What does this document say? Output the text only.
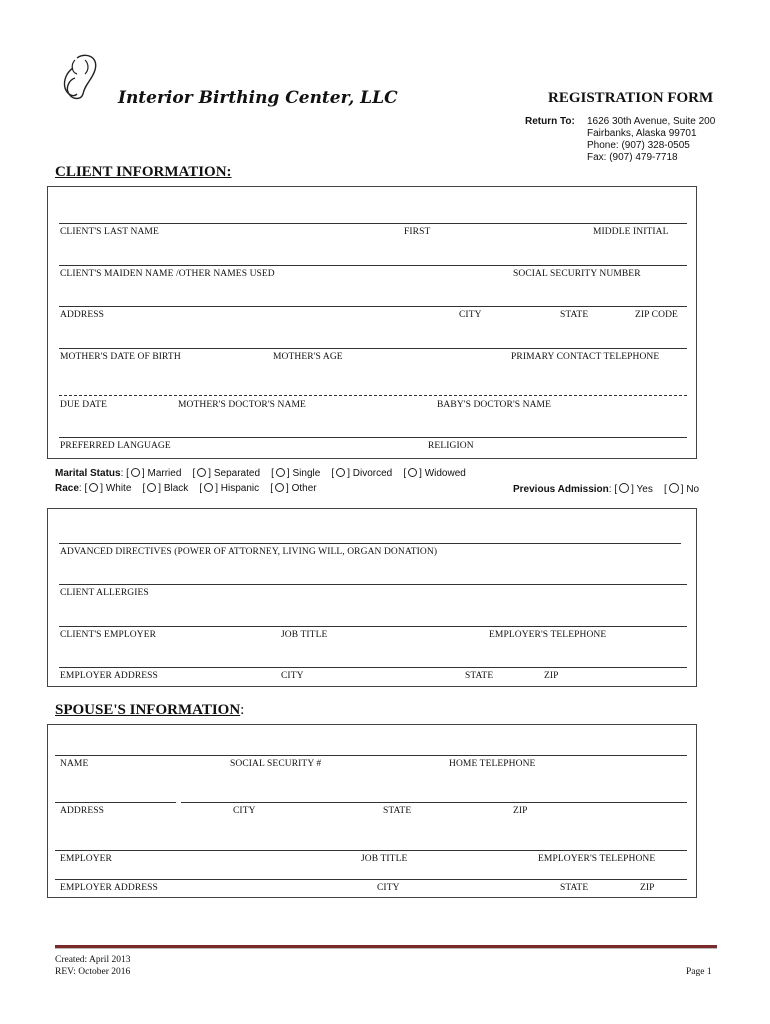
Interior Birthing Center, LLC	REGISTRATION FORM
Return To: 1626 30th Avenue, Suite 200
Fairbanks, Alaska 99701
Phone: (907) 328-0505
Fax: (907) 479-7718
CLIENT INFORMATION:
CLIENT'S LAST NAME	FIRST	MIDDLE INITIAL
CLIENT'S MAIDEN NAME /OTHER NAMES USED	SOCIAL SECURITY NUMBER
ADDRESS	CITY	STATE	ZIP CODE
MOTHER'S DATE OF BIRTH	MOTHER'S AGE	PRIMARY CONTACT TELEPHONE
DUE DATE	MOTHER'S DOCTOR'S NAME	BABY'S DOCTOR'S NAME
PREFERRED LANGUAGE	RELIGION
Marital Status: [ ] Married [ ] Separated [ ] Single [ ] Divorced [ ] Widowed
Race: [ ] White [ ] Black [ ] Hispanic [ ] Other	Previous Admission: [ ] Yes [ ] No
ADVANCED DIRECTIVES (POWER OF ATTORNEY, LIVING WILL, ORGAN DONATION)
CLIENT ALLERGIES
CLIENT'S EMPLOYER	JOB TITLE	EMPLOYER'S TELEPHONE
EMPLOYER ADDRESS	CITY	STATE	ZIP
SPOUSE'S INFORMATION:
NAME	SOCIAL SECURITY #	HOME TELEPHONE
ADDRESS	CITY	STATE	ZIP
EMPLOYER	JOB TITLE	EMPLOYER'S TELEPHONE
EMPLOYER ADDRESS	CITY	STATE	ZIP
Created: April 2013
REV: October 2016	Page 1
